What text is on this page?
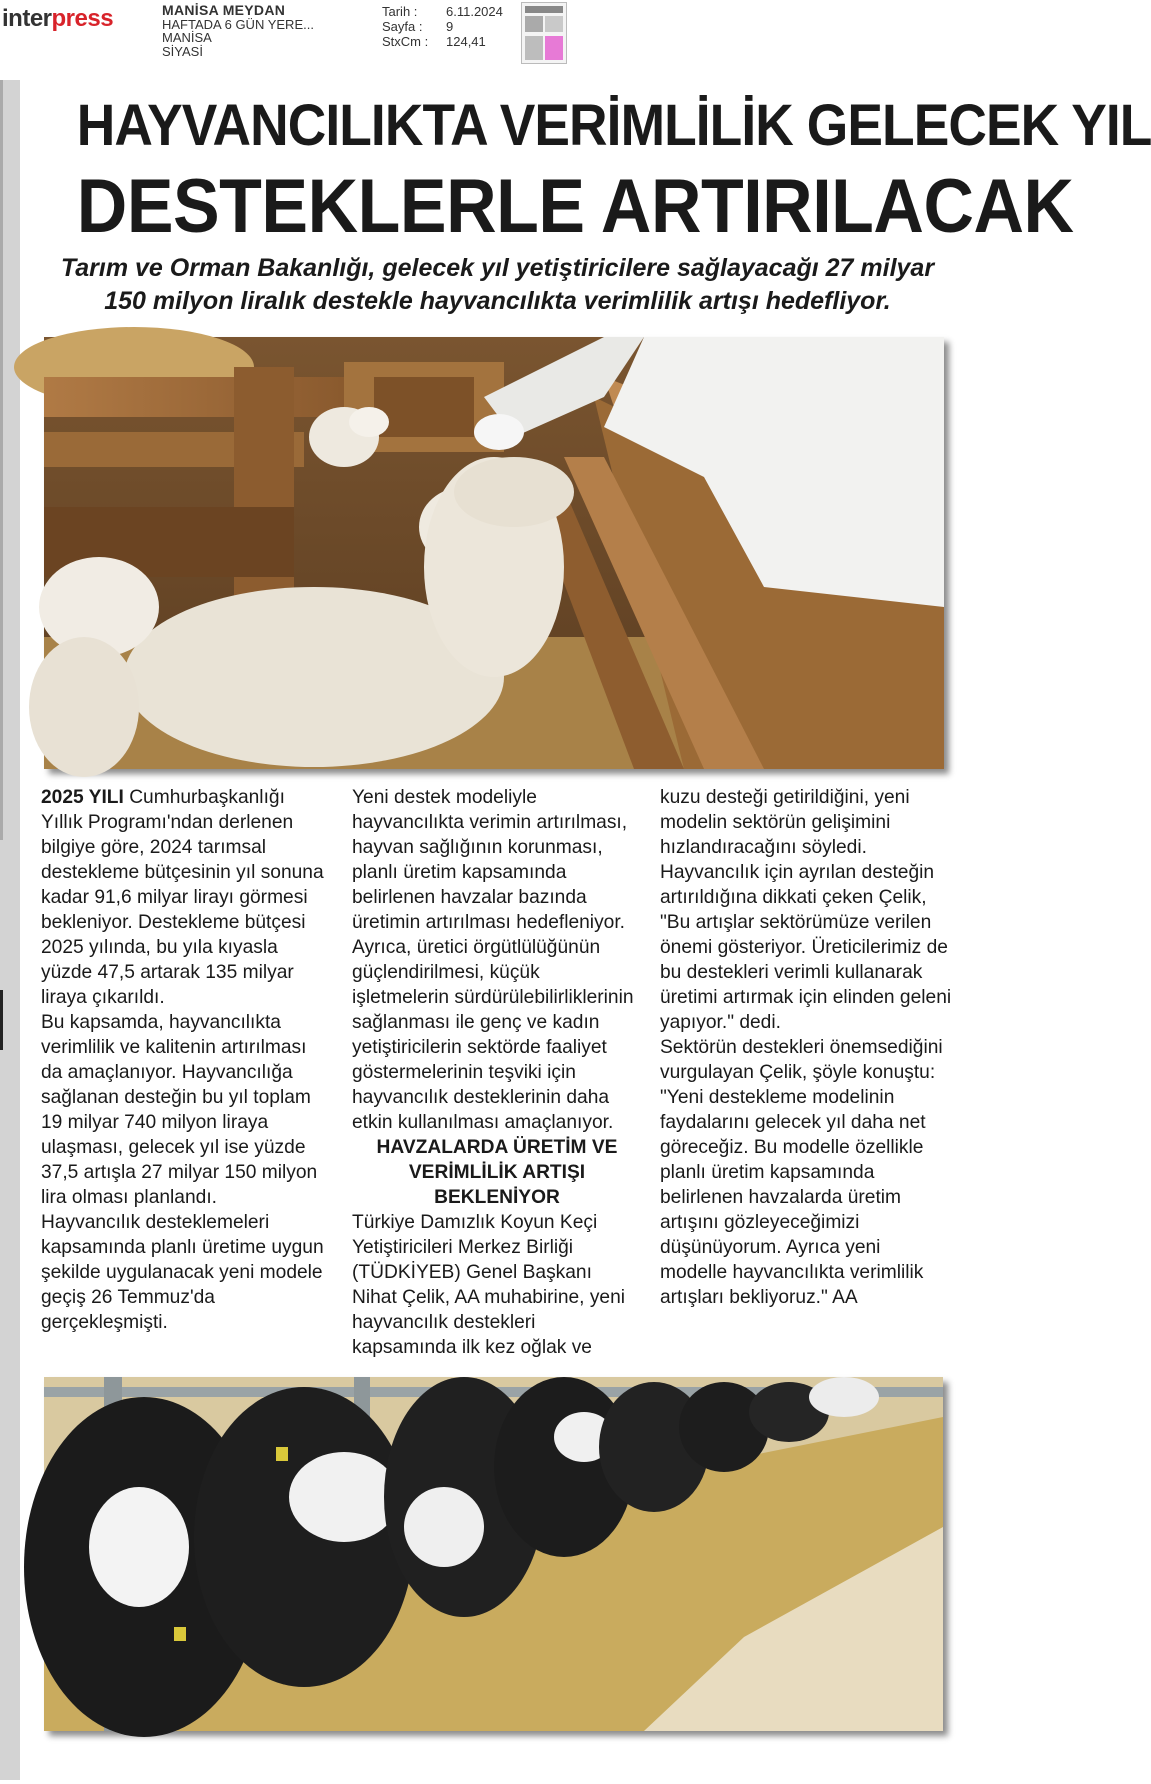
interpress	MANİSA MEYDAN
HAFTADA 6 GÜN YERE...
MANİSA
SİYASİ
Tarih :	6.11.2024
Sayfa :	9
StxCm :	124,41
HAYVANCILIKTA VERİMLİLİK GELECEK YIL
DESTEKLERLE ARTIRILACAK
Tarım ve Orman Bakanlığı, gelecek yıl yetiştiricilere sağlayacağı 27 milyar 150 milyon liralık destekle hayvancılıkta verimlilik artışı hedefliyor.

2025 YILI Cumhurbaşkanlığı Yıllık Programı'ndan derlenen bilgiye göre, 2024 tarımsal destekleme bütçesinin yıl sonuna kadar 91,6 milyar lirayı görmesi bekleniyor. Destekleme bütçesi 2025 yılında, bu yıla kıyasla yüzde 47,5 artarak 135 milyar liraya çıkarıldı.

Bu kapsamda, hayvancılıkta verimlilik ve kalitenin artırılması da amaçlanıyor. Hayvancılığa sağlanan desteğin bu yıl toplam 19 milyar 740 milyon liraya ulaşması, gelecek yıl ise yüzde 37,5 artışla 27 milyar 150 milyon lira olması planlandı.

Hayvancılık desteklemeleri kapsamında planlı üretime uygun şekilde uygulanacak yeni modele geçiş 26 Temmuz'da gerçekleşmişti.

Yeni destek modeliyle hayvancılıkta verimin artırılması, hayvan sağlığının korunması, planlı üretim kapsamında belirlenen havzalar bazında üretimin artırılması hedefleniyor. Ayrıca, üretici örgütlülüğünün güçlendirilmesi, küçük işletmelerin sürdürülebilirliklerinin sağlanması ile genç ve kadın yetiştiricilerin sektörde faaliyet göstermelerinin teşviki için hayvancılık desteklerinin daha etkin kullanılması amaçlanıyor.

HAVZALARDA ÜRETİM VE VERİMLİLİK ARTIŞI BEKLENİYOR

Türkiye Damızlık Koyun Keçi Yetiştiricileri Merkez Birliği (TÜDKİYEB) Genel Başkanı Nihat Çelik, AA muhabirine, yeni hayvancılık destekleri kapsamında ilk kez oğlak ve

kuzu desteği getirildiğini, yeni modelin sektörün gelişimini hızlandıracağını söyledi.

Hayvancılık için ayrılan desteğin artırıldığına dikkati çeken Çelik, "Bu artışlar sektörümüze verilen önemi gösteriyor. Üreticilerimiz de bu destekleri verimli kullanarak üretimi artırmak için elinden geleni yapıyor." dedi.

Sektörün destekleri önemsediğini vurgulayan Çelik, şöyle konuştu: "Yeni destekleme modelinin faydalarını gelecek yıl daha net göreceğiz. Bu modelle özellikle planlı üretim kapsamında belirlenen havzalarda üretim artışını gözleyeceğimizi düşünüyorum. Ayrıca yeni modelle hayvancılıkta verimlilik artışları bekliyoruz." AA
